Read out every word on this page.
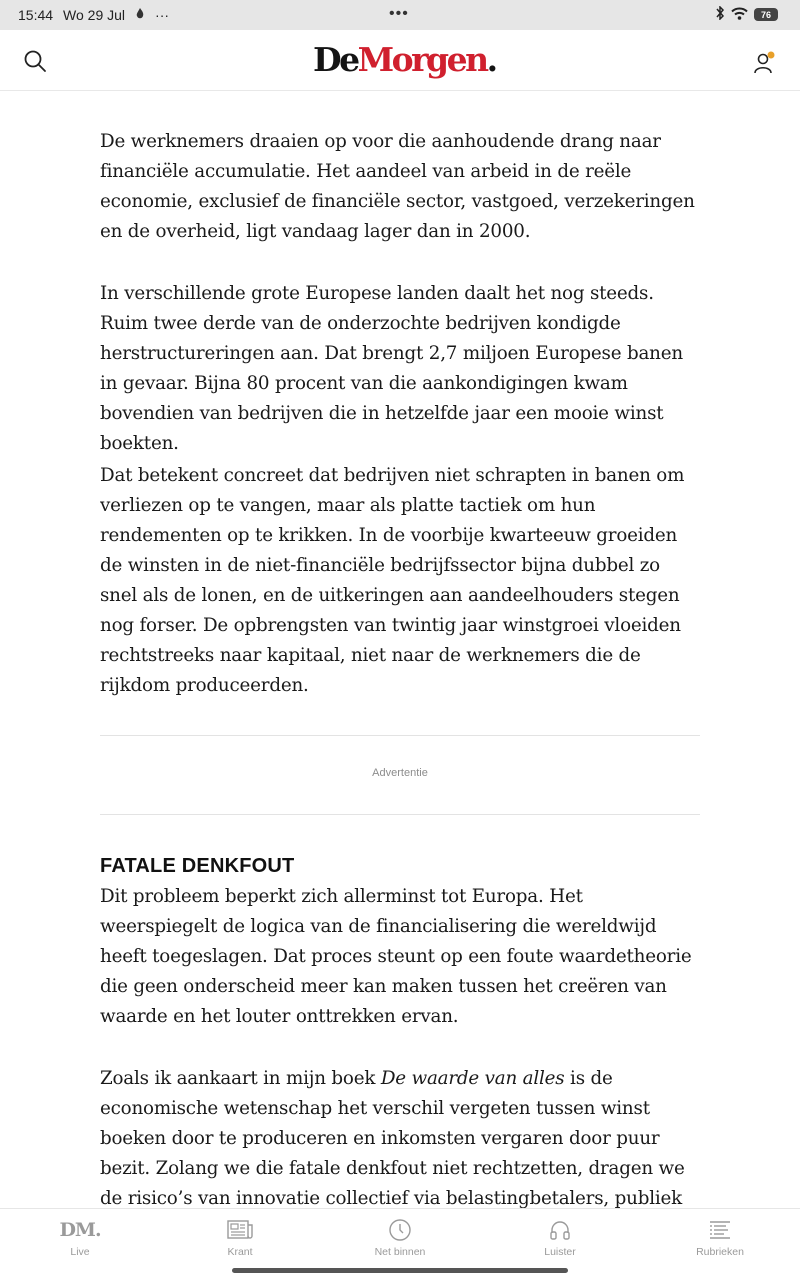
15:44 Wo 29 Jul ···	•••	76
DeMorgen.

De werknemers draaien op voor die aanhoudende drang naar financiële accumulatie. Het aandeel van arbeid in de reële economie, exclusief de financiële sector, vastgoed, verzekeringen en de overheid, ligt vandaag lager dan in 2000.

In verschillende grote Europese landen daalt het nog steeds. Ruim twee derde van de onderzochte bedrijven kondigde herstructureringen aan. Dat brengt 2,7 miljoen Europese banen in gevaar. Bijna 80 procent van die aankondigingen kwam bovendien van bedrijven die in hetzelfde jaar een mooie winst boekten.

Dat betekent concreet dat bedrijven niet schrapten in banen om verliezen op te vangen, maar als platte tactiek om hun rendementen op te krikken. In de voorbije kwarteeuw groeiden de winsten in de niet-financiële bedrijfssector bijna dubbel zo snel als de lonen, en de uitkeringen aan aandeelhouders stegen nog forser. De opbrengsten van twintig jaar winstgroei vloeiden rechtstreeks naar kapitaal, niet naar de werknemers die de rijkdom produceerden.

Advertentie
FATALE DENKFOUT

Dit probleem beperkt zich allerminst tot Europa. Het weerspiegelt de logica van de financialisering die wereldwijd heeft toegeslagen. Dat proces steunt op een foute waardetheorie die geen onderscheid meer kan maken tussen het creëren van waarde en het louter onttrekken ervan.

Zoals ik aankaart in mijn boek De waarde van alles is de economische wetenschap het verschil vergeten tussen winst boeken door te produceren en inkomsten vergaren door puur bezit. Zolang we die fatale denkfout niet rechtzetten, dragen we de risico’s van innovatie collectief via belastingbetalers, publiek

DM.
Live	Krant	Net binnen	Luister	Rubrieken
